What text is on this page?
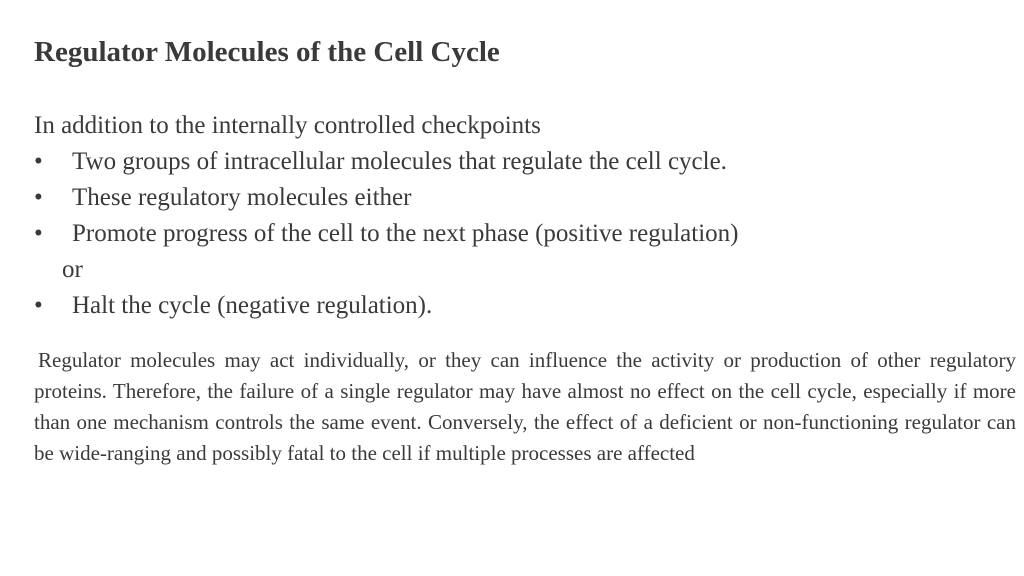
Regulator Molecules of the Cell Cycle
In addition to the internally controlled checkpoints
• Two groups of intracellular molecules that regulate the cell cycle.
• These regulatory molecules either
• Promote progress of the cell to the next phase (positive regulation)
or
• Halt the cycle (negative regulation).

Regulator molecules may act individually, or they can influence the activity or production of other regulatory proteins. Therefore, the failure of a single regulator may have almost no effect on the cell cycle, especially if more than one mechanism controls the same event. Conversely, the effect of a deficient or non-functioning regulator can be wide-ranging and possibly fatal to the cell if multiple processes are affected
